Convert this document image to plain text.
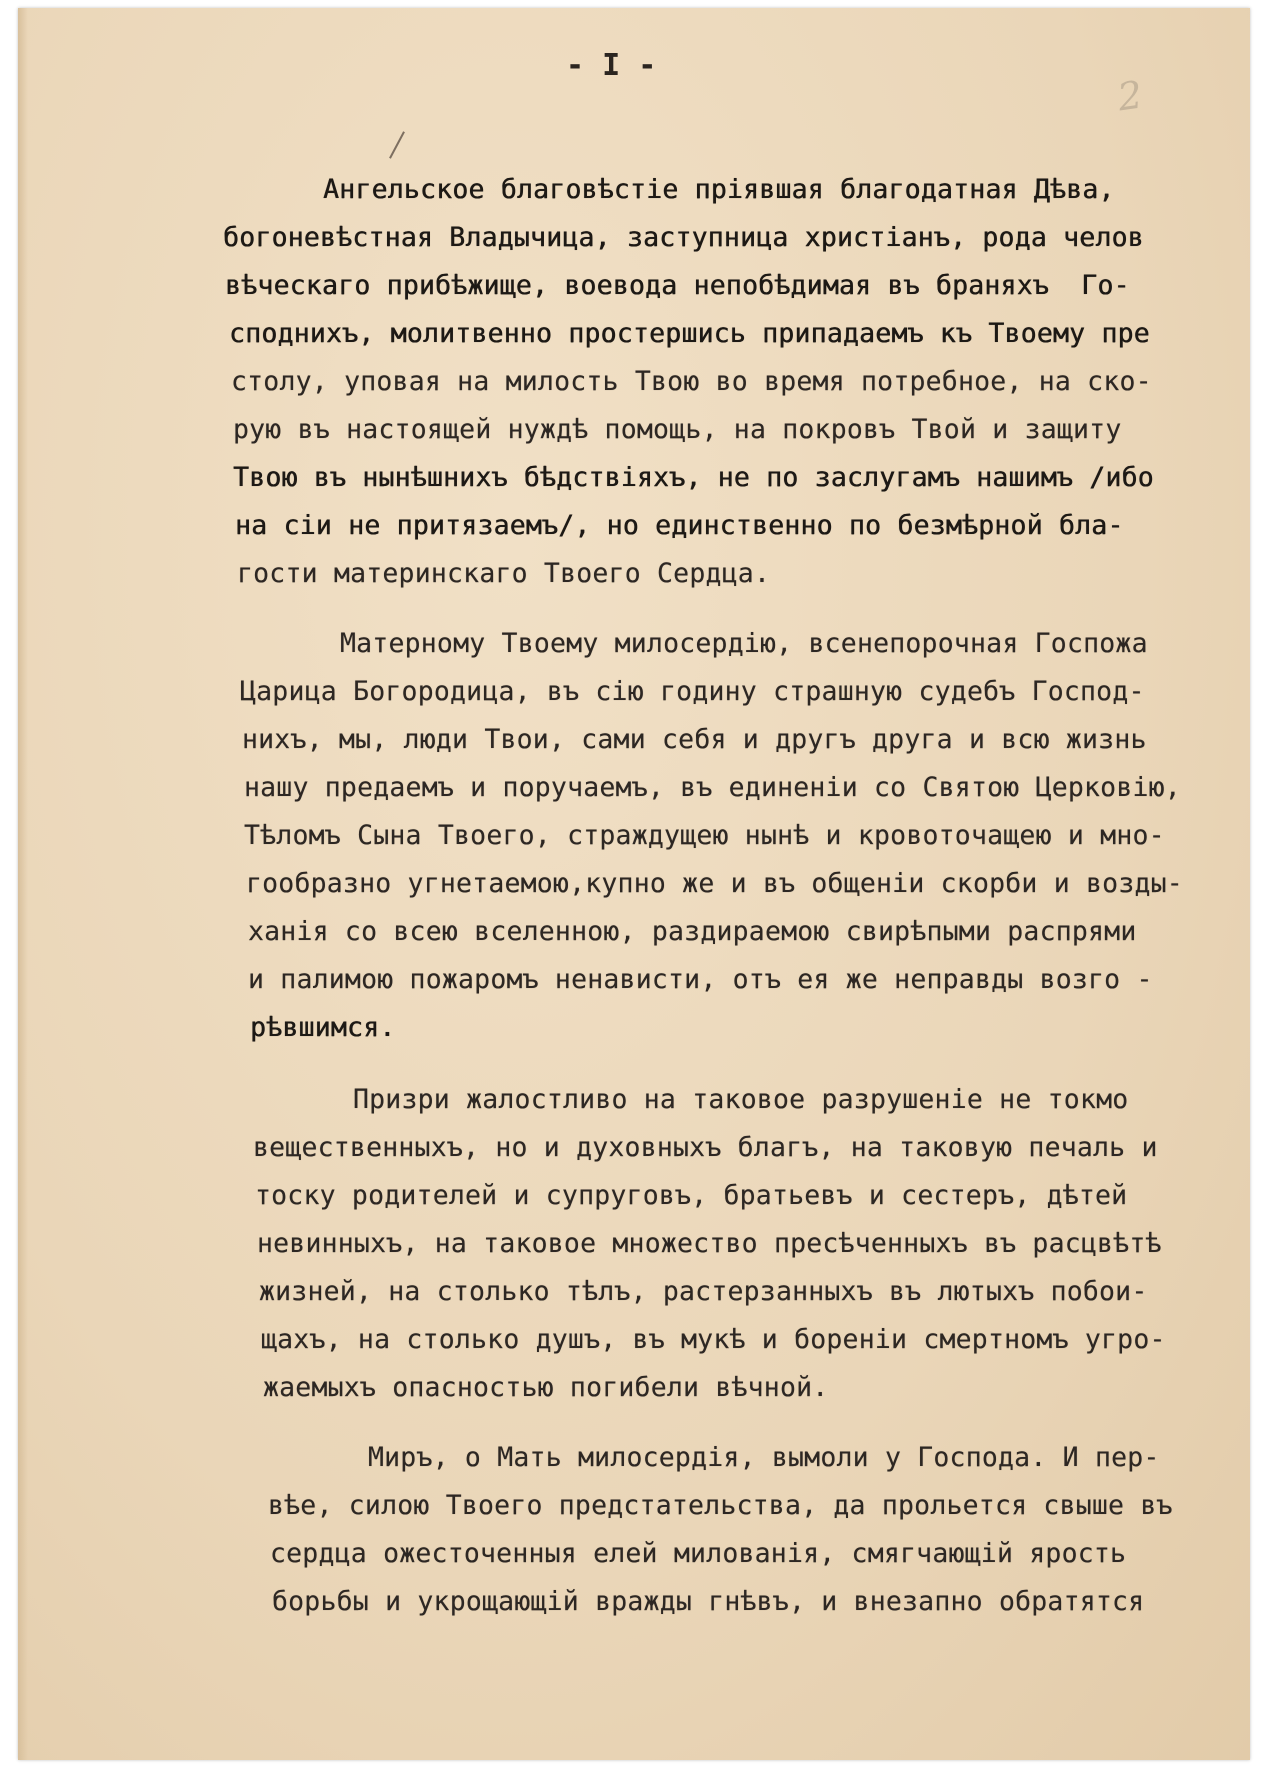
- I -
2
Ангельское благовѣстіе пріявшая благодатная Дѣва,
богоневѣстная Владычица, заступница христіанъ, рода челов
вѣческаго прибѣжище, воевода непобѣдимая въ браняхъ  Го-
споднихъ, молитвенно простершись припадаемъ къ Твоему пре
столу, уповая на милость Твою во время потребное, на ско-
рую въ настоящей нуждѣ помощь, на покровъ Твой и защиту
Твою въ нынѣшнихъ бѣдствіяхъ, не по заслугамъ нашимъ /ибо
на сіи не притязаемъ/, но единственно по безмѣрной бла-
гости материнскаго Твоего Сердца.
Матерному Твоему милосердію, всенепорочная Госпожа
Царица Богородица, въ сію годину страшную судебъ Господ-
нихъ, мы, люди Твои, сами себя и другъ друга и всю жизнь
нашу предаемъ и поручаемъ, въ единеніи со Святою Церковію,
Тѣломъ Сына Твоего, страждущею нынѣ и кровоточащею и мно-
гообразно угнетаемою,купно же и въ общеніи скорби и возды-
ханія со всею вселенною, раздираемою свирѣпыми распрями
и палимою пожаромъ ненависти, отъ ея же неправды возго -
рѣвшимся.
Призри жалостливо на таковое разрушеніе не токмо
вещественныхъ, но и духовныхъ благъ, на таковую печаль и
тоску родителей и супруговъ, братьевъ и сестеръ, дѣтей
невинныхъ, на таковое множество пресѣченныхъ въ расцвѣтѣ
жизней, на столько тѣлъ, растерзанныхъ въ лютыхъ побои-
щахъ, на столько душъ, въ мукѣ и бореніи смертномъ угро-
жаемыхъ опасностью погибели вѣчной.
Миръ, о Мать милосердія, вымоли у Господа. И пер-
вѣе, силою Твоего предстательства, да прольется свыше въ
сердца ожесточенныя елей милованія, смягчающій ярость
борьбы и укрощающій вражды гнѣвъ, и внезапно обратятся
